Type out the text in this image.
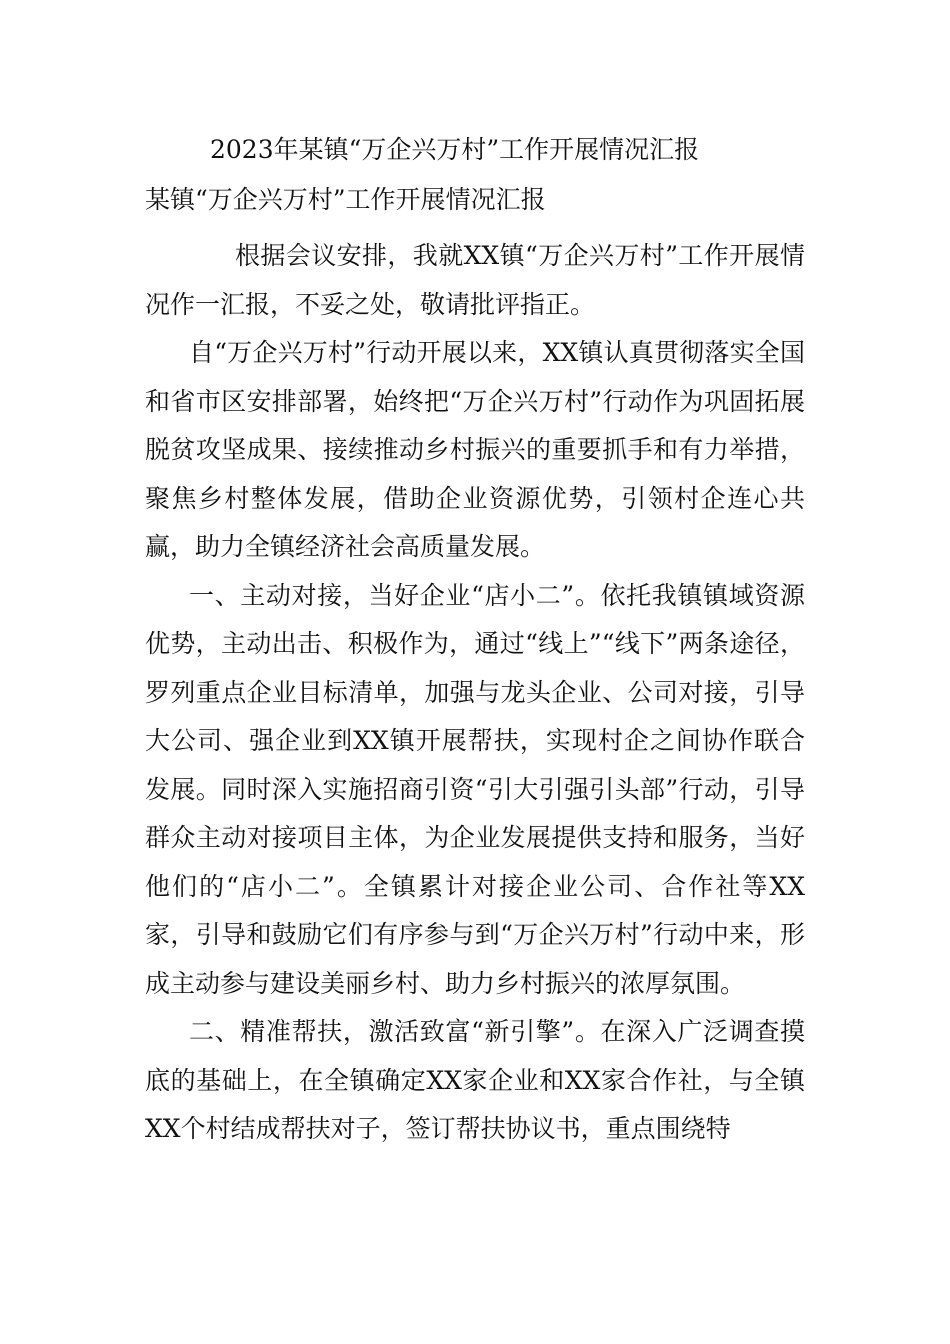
2023年某镇“万企兴万村”工作开展情况汇报
某镇“万企兴万村”工作开展情况汇报

根据会议安排，我就XX镇“万企兴万村”工作开展情况作一汇报，不妥之处，敬请批评指正。

自“万企兴万村”行动开展以来，XX镇认真贯彻落实全国和省市区安排部署，始终把“万企兴万村”行动作为巩固拓展脱贫攻坚成果、接续推动乡村振兴的重要抓手和有力举措，聚焦乡村整体发展，借助企业资源优势，引领村企连心共赢，助力全镇经济社会高质量发展。

一、主动对接，当好企业“店小二”。依托我镇镇域资源优势，主动出击、积极作为，通过“线上”“线下”两条途径，罗列重点企业目标清单，加强与龙头企业、公司对接，引导大公司、强企业到XX镇开展帮扶，实现村企之间协作联合发展。同时深入实施招商引资“引大引强引头部”行动，引导群众主动对接项目主体，为企业发展提供支持和服务，当好他们的“店小二”。全镇累计对接企业公司、合作社等XX家，引导和鼓励它们有序参与到“万企兴万村”行动中来，形成主动参与建设美丽乡村、助力乡村振兴的浓厚氛围。

二、精准帮扶，激活致富“新引擎”。在深入广泛调查摸底的基础上，在全镇确定XX家企业和XX家合作社，与全镇XX个村结成帮扶对子，签订帮扶协议书，重点围绕特
